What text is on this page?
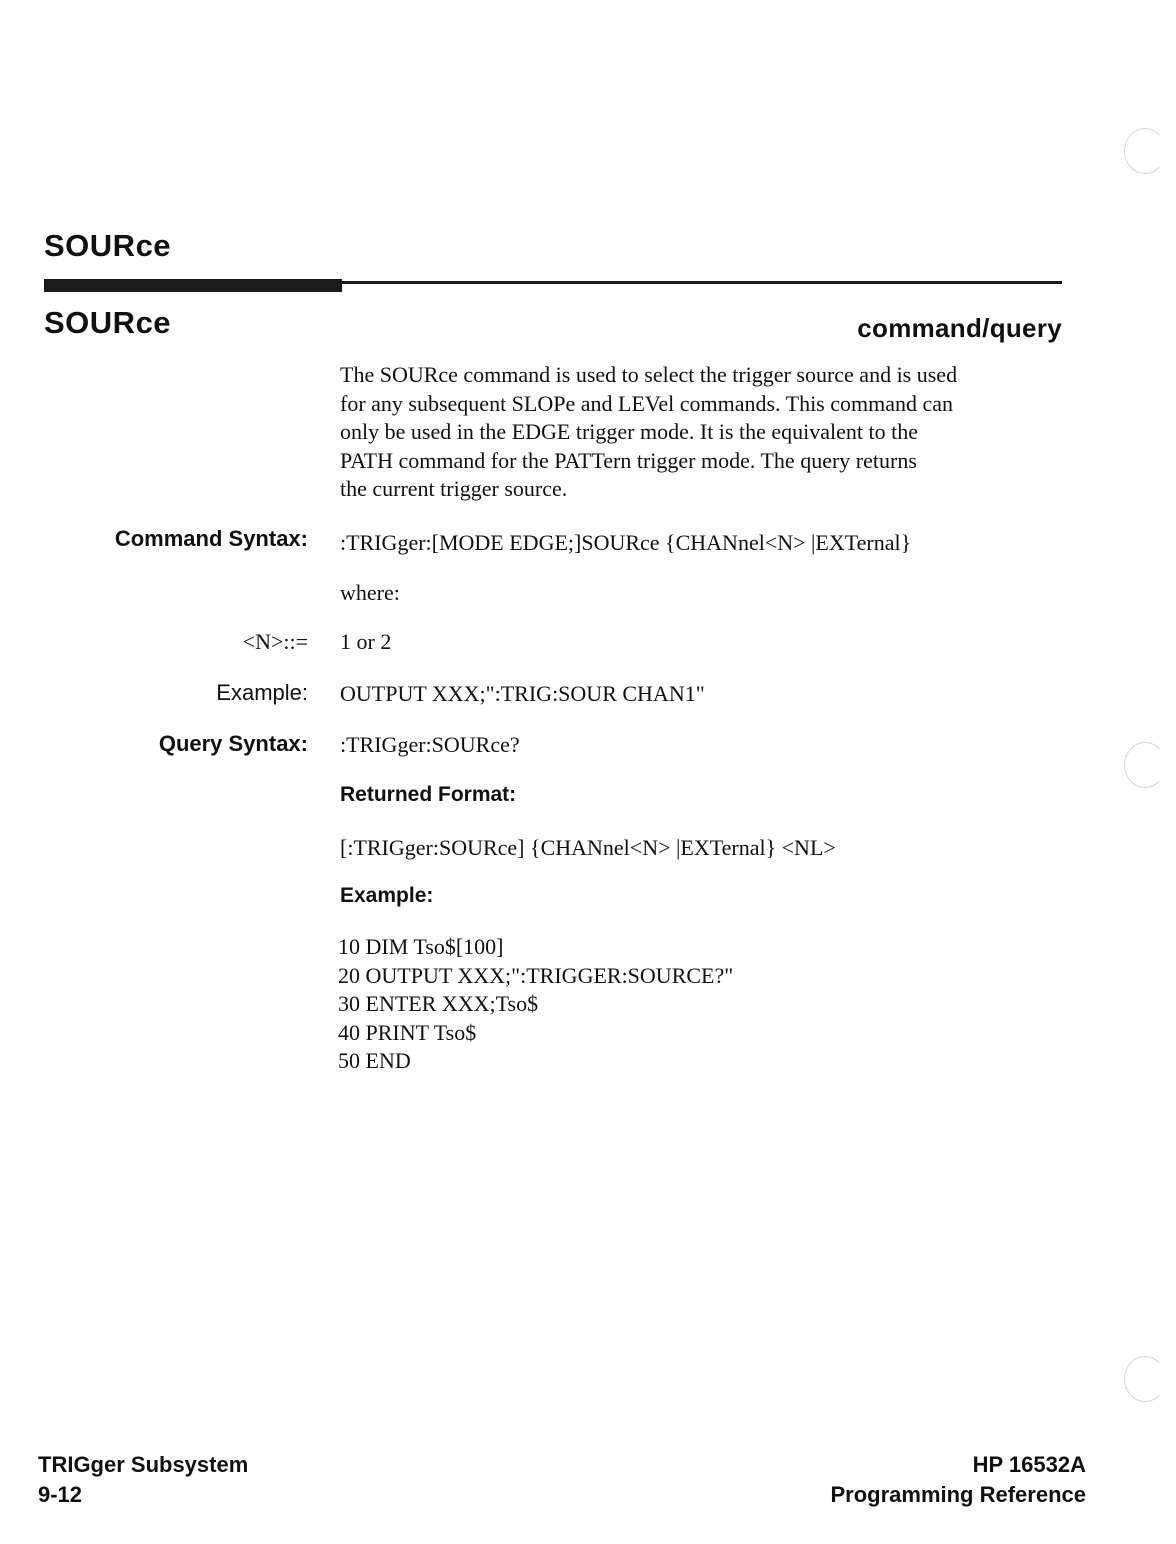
SOURce
SOURce	command/query
The SOURce command is used to select the trigger source and is used
for any subsequent SLOPe and LEVel commands. This command can
only be used in the EDGE trigger mode. It is the equivalent to the
PATH command for the PATTern trigger mode. The query returns
the current trigger source.
Command Syntax: :TRIGger:[MODE EDGE;]SOURce {CHANnel<N> |EXTernal}
where:
<N>::= 1 or 2
Example: OUTPUT XXX;":TRIG:SOUR CHAN1"
Query Syntax: :TRIGger:SOURce?
Returned Format:
[:TRIGger:SOURce] {CHANnel<N> |EXTernal} <NL>
Example:
10 DIM Tso$[100]
20 OUTPUT XXX;":TRIGGER:SOURCE?"
30 ENTER XXX;Tso$
40 PRINT Tso$
50 END
TRIGger Subsystem
9-12
HP 16532A
Programming Reference
